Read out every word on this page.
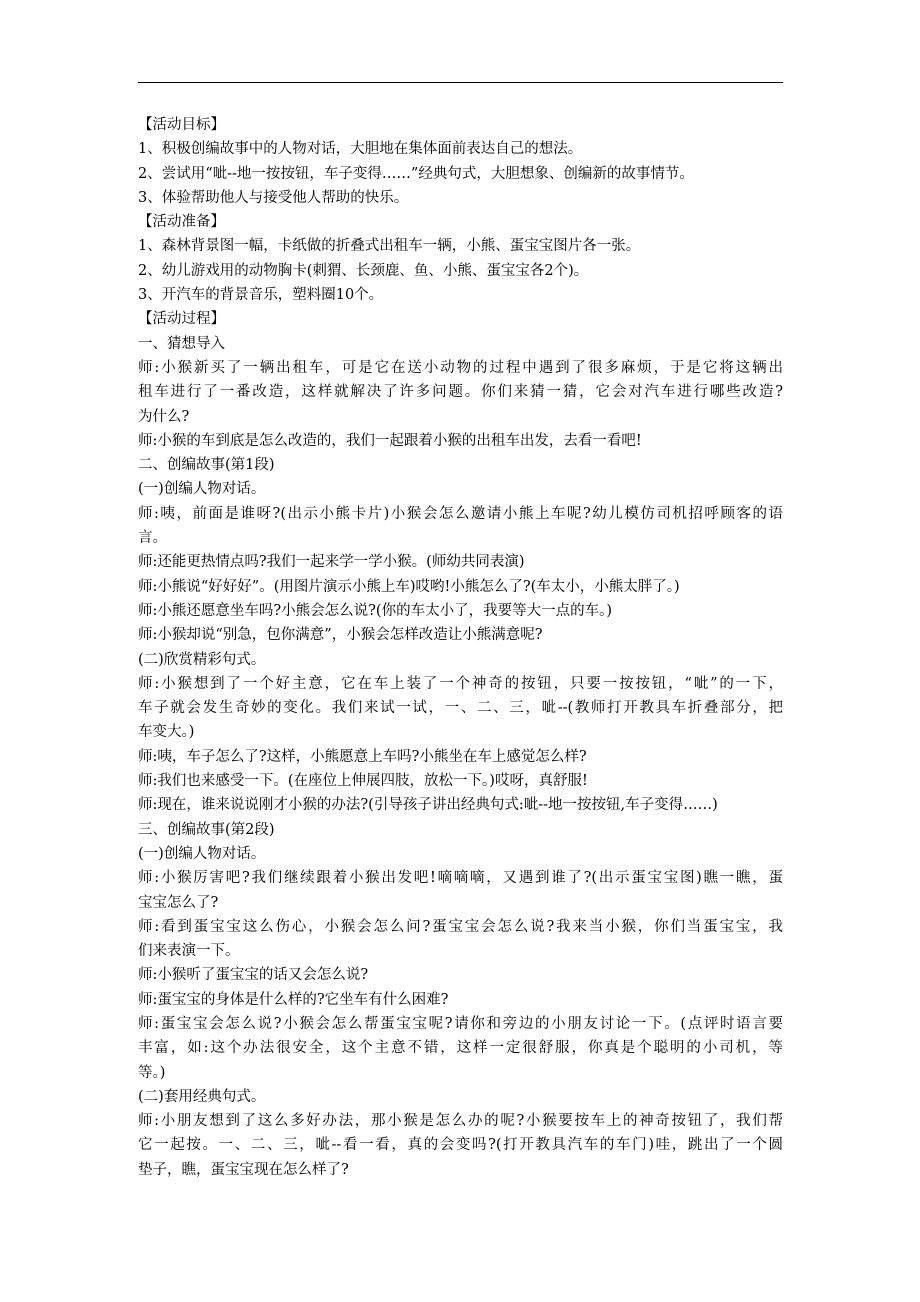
【活动目标】
1、积极创编故事中的人物对话，大胆地在集体面前表达自己的想法。
2、尝试用“呲--地一按按钮，车子变得……”经典句式，大胆想象、创编新的故事情节。
3、体验帮助他人与接受他人帮助的快乐。
【活动准备】
1、森林背景图一幅，卡纸做的折叠式出租车一辆，小熊、蛋宝宝图片各一张。
2、幼儿游戏用的动物胸卡(刺猬、长颈鹿、鱼、小熊、蛋宝宝各2个)。
3、开汽车的背景音乐，塑料圈10个。
【活动过程】
一、猜想导入
师:小猴新买了一辆出租车，可是它在送小动物的过程中遇到了很多麻烦，于是它将这辆出
租车进行了一番改造，这样就解决了许多问题。你们来猜一猜，它会对汽车进行哪些改造?
为什么?
师:小猴的车到底是怎么改造的，我们一起跟着小猴的出租车出发，去看一看吧!
二、创编故事(第1段)
(一)创编人物对话。
师:咦，前面是谁呀?(出示小熊卡片)小猴会怎么邀请小熊上车呢?幼儿模仿司机招呼顾客的语
言。
师:还能更热情点吗?我们一起来学一学小猴。(师幼共同表演)
师:小熊说“好好好”。(用图片演示小熊上车)哎哟!小熊怎么了?(车太小，小熊太胖了。)
师:小熊还愿意坐车吗?小熊会怎么说?(你的车太小了，我要等大一点的车。)
师:小猴却说“别急，包你满意”，小猴会怎样改造让小熊满意呢?
(二)欣赏精彩句式。
师:小猴想到了一个好主意，它在车上装了一个神奇的按钮，只要一按按钮，“呲”的一下，
车子就会发生奇妙的变化。我们来试一试，一、二、三，呲--(教师打开教具车折叠部分，把
车变大。)
师:咦，车子怎么了?这样，小熊愿意上车吗?小熊坐在车上感觉怎么样?
师:我们也来感受一下。(在座位上伸展四肢，放松一下。)哎呀，真舒服!
师:现在，谁来说说刚才小猴的办法?(引导孩子讲出经典句式:呲--地一按按钮,车子变得……)
三、创编故事(第2段)
(一)创编人物对话。
师:小猴厉害吧?我们继续跟着小猴出发吧!嘀嘀嘀，又遇到谁了?(出示蛋宝宝图)瞧一瞧，蛋
宝宝怎么了?
师:看到蛋宝宝这么伤心，小猴会怎么问?蛋宝宝会怎么说?我来当小猴，你们当蛋宝宝，我
们来表演一下。
师:小猴听了蛋宝宝的话又会怎么说?
师:蛋宝宝的身体是什么样的?它坐车有什么困难?
师:蛋宝宝会怎么说?小猴会怎么帮蛋宝宝呢?请你和旁边的小朋友讨论一下。(点评时语言要
丰富，如:这个办法很安全，这个主意不错，这样一定很舒服，你真是个聪明的小司机，等
等。)
(二)套用经典句式。
师:小朋友想到了这么多好办法，那小猴是怎么办的呢?小猴要按车上的神奇按钮了，我们帮
它一起按。一、二、三，呲--看一看，真的会变吗?(打开教具汽车的车门)哇，跳出了一个圆
垫子，瞧，蛋宝宝现在怎么样了?
